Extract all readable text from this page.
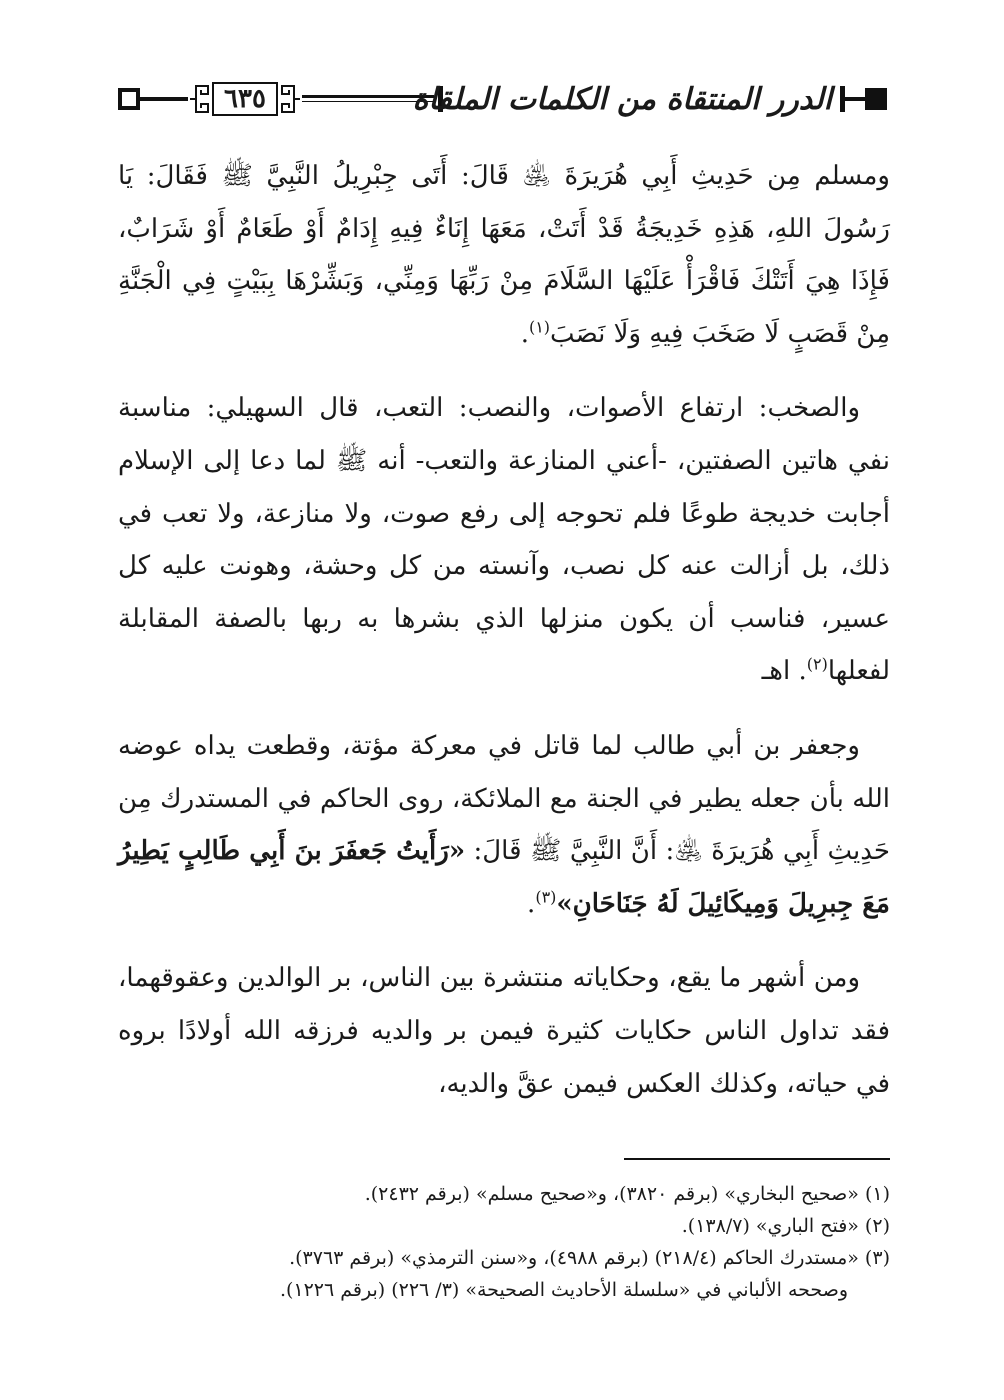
٦٣٥	الدرر المنتقاة من الكلمات الملقاة

ومسلم مِن حَدِيثِ أَبِي هُرَيرَةَ ﵁ قَالَ: أَتَى جِبْرِيلُ النَّبِيَّ ﷺ فَقَالَ: يَا رَسُولَ اللهِ، هَذِهِ خَدِيجَةُ قَدْ أَتَتْ، مَعَهَا إِنَاءٌ فِيهِ إِدَامٌ أَوْ طَعَامٌ أَوْ شَرَابٌ، فَإِذَا هِيَ أَتَتْكَ فَاقْرَأْ عَلَيْهَا السَّلَامَ مِنْ رَبِّهَا وَمِنِّي، وَبَشِّرْهَا بِبَيْتٍ فِي الْجَنَّةِ مِنْ قَصَبٍ لَا صَخَبَ فِيهِ وَلَا نَصَبَ$^{(١)}$.

والصخب: ارتفاع الأصوات، والنصب: التعب، قال السهيلي: مناسبة نفي هاتين الصفتين، -أعني المنازعة والتعب- أنه ﷺ لما دعا إلى الإسلام أجابت خديجة طوعًا فلم تحوجه إلى رفع صوت، ولا منازعة، ولا تعب في ذلك، بل أزالت عنه كل نصب، وآنسته من كل وحشة، وهونت عليه كل عسير، فناسب أن يكون منزلها الذي بشرها به ربها بالصفة المقابلة لفعلها$^{(٢)}$. اهـ

وجعفر بن أبي طالب لما قاتل في معركة مؤتة، وقطعت يداه عوضه الله بأن جعله يطير في الجنة مع الملائكة، روى الحاكم في المستدرك مِن حَدِيثِ أَبِي هُرَيرَةَ ﵁: أَنَّ النَّبِيَّ ﷺ قَالَ: «رَأَيتُ جَعفَرَ بنَ أَبِي طَالِبٍ يَطِيرُ مَعَ جِبرِيلَ وَمِيكَائِيلَ لَهُ جَنَاحَانِ»$^{(٣)}$.

ومن أشهر ما يقع، وحكاياته منتشرة بين الناس، بر الوالدين وعقوقهما، فقد تداول الناس حكايات كثيرة فيمن بر والديه فرزقه الله أولادًا بروه في حياته، وكذلك العكس فيمن عقَّ والديه،

(١) «صحيح البخاري» (برقم ٣٨٢٠)، و«صحيح مسلم» (برقم ٢٤٣٢).

(٢) «فتح الباري» (١٣٨/٧).

(٣) «مستدرك الحاكم (٢١٨/٤) (برقم ٤٩٨٨)، و«سنن الترمذي» (برقم ٣٧٦٣).

وصححه الألباني في «سلسلة الأحاديث الصحيحة» (٣/ ٢٢٦) (برقم ١٢٢٦).
